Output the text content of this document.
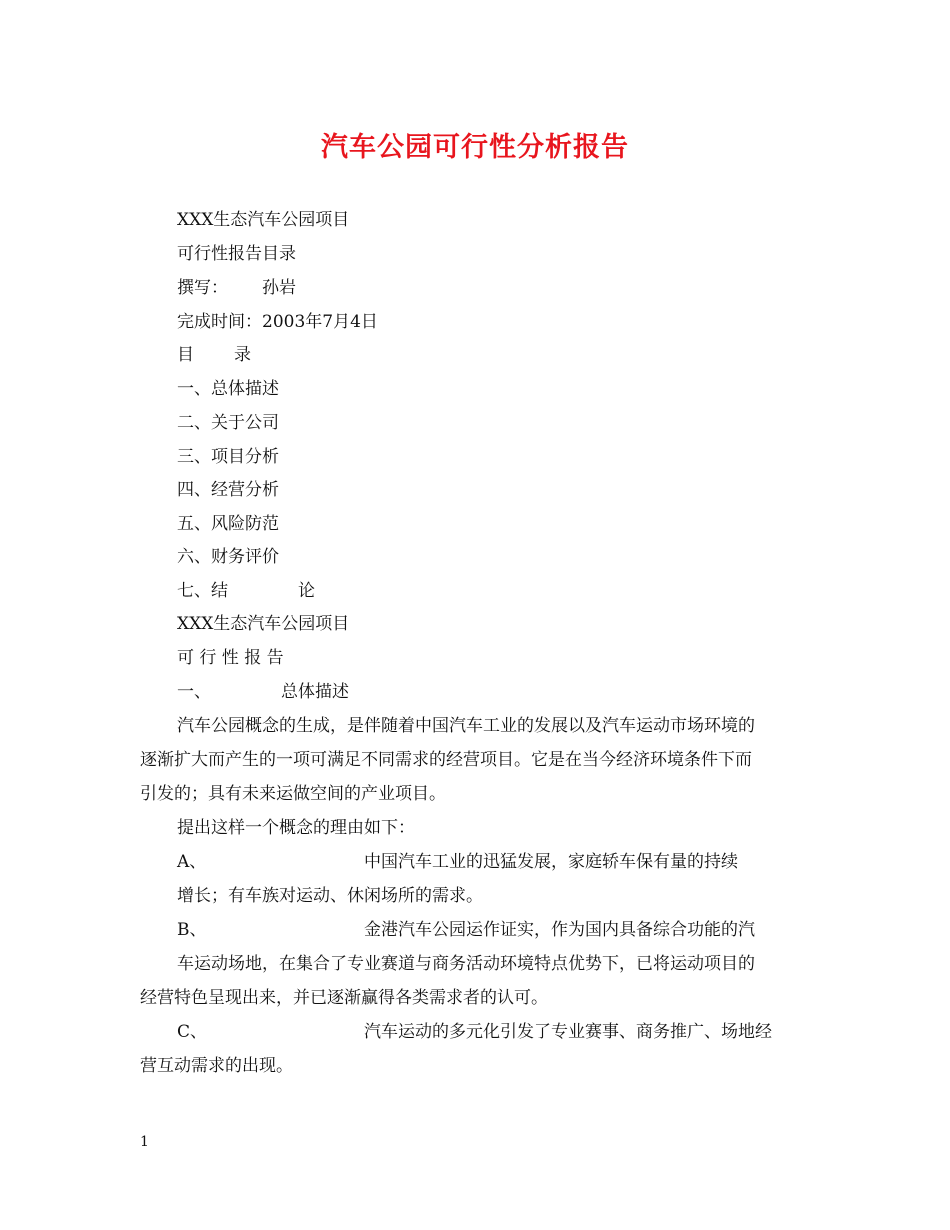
汽车公园可行性分析报告
XXX生态汽车公园项目
可行性报告目录
撰写： 孙岩
完成时间：2003年7月4日
目 录
一、总体描述
二、关于公司
三、项目分析
四、经营分析
五、风险防范
六、财务评价
七、结	论
XXX生态汽车公园项目
可 行 性 报 告
一、	总体描述
汽车公园概念的生成，是伴随着中国汽车工业的发展以及汽车运动市场环境的
逐渐扩大而产生的一项可满足不同需求的经营项目。它是在当今经济环境条件下而
引发的；具有未来运做空间的产业项目。
提出这样一个概念的理由如下：
A、	中国汽车工业的迅猛发展，家庭轿车保有量的持续
增长；有车族对运动、休闲场所的需求。
B、	金港汽车公园运作证实，作为国内具备综合功能的汽
车运动场地，在集合了专业赛道与商务活动环境特点优势下，已将运动项目的
经营特色呈现出来，并已逐渐赢得各类需求者的认可。
C、	汽车运动的多元化引发了专业赛事、商务推广、场地经
营互动需求的出现。
1
